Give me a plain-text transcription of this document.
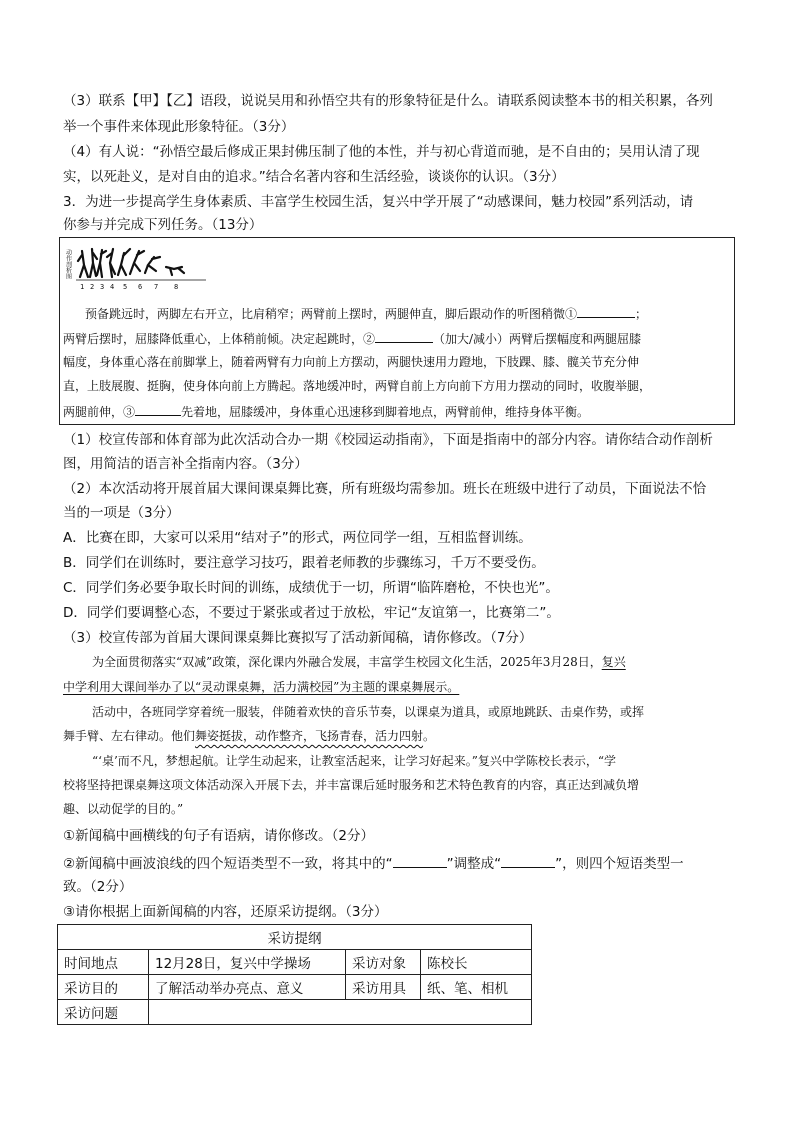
（3）联系【甲】【乙】语段，说说吴用和孙悟空共有的形象特征是什么。请联系阅读整本书的相关积累，各列
举一个事件来体现此形象特征。（3分）
（4）有人说：“孙悟空最后修成正果封佛压制了他的本性，并与初心背道而驰，是不自由的；吴用认清了现
实，以死赴义，是对自由的追求。”结合名著内容和生活经验，谈谈你的认识。（3分）
3．为进一步提高学生身体素质、丰富学生校园生活，复兴中学开展了“动感课间，魅力校园”系列活动，请
你参与并完成下列任务。（13分）
动作剖析图
1 2 3 4 5 6 7 8
预备跳远时，两脚左右开立，比肩稍窄；两臂前上摆时，两腿伸直，脚后跟动作的听图稍微①	；
两臂后摆时，屈膝降低重心，上体稍前倾。决定起跳时，②	（加大/减小）两臂后摆幅度和两腿屈膝
幅度，身体重心落在前脚掌上，随着两臂有力向前上方摆动，两腿快速用力蹬地，下肢踝、膝、髋关节充分伸
直，上肢展腹、挺胸，使身体向前上方腾起。落地缓冲时，两臂自前上方向前下方用力摆动的同时，收腹举腿，
两腿前伸，③	先着地，屈膝缓冲，身体重心迅速移到脚着地点，两臂前伸，维持身体平衡。
（1）校宣传部和体育部为此次活动合办一期《校园运动指南》，下面是指南中的部分内容。请你结合动作剖析
图，用简洁的语言补全指南内容。（3分）
（2）本次活动将开展首届大课间课桌舞比赛，所有班级均需参加。班长在班级中进行了动员，下面说法不恰
当的一项是（3分）
A．比赛在即，大家可以采用“结对子”的形式，两位同学一组，互相监督训练。
B．同学们在训练时，要注意学习技巧，跟着老师教的步骤练习，千万不要受伤。
C．同学们务必要争取长时间的训练，成绩优于一切，所谓“临阵磨枪，不快也光”。
D．同学们要调整心态，不要过于紧张或者过于放松，牢记“友谊第一，比赛第二”。
（3）校宣传部为首届大课间课桌舞比赛拟写了活动新闻稿，请你修改。（7分）
为全面贯彻落实“双减”政策，深化课内外融合发展，丰富学生校园文化生活，2025年3月28日，复兴
中学利用大课间举办了以“灵动课桌舞，活力满校园”为主题的课桌舞展示。
活动中，各班同学穿着统一服装，伴随着欢快的音乐节奏，以课桌为道具，或原地跳跃、击桌作势，或挥
舞手臂、左右律动。他们舞姿挺拔，动作整齐，飞扬青春，活力四射。
“‘桌’而不凡，梦想起航。让学生动起来，让教室活起来，让学习好起来。”复兴中学陈校长表示，“学
校将坚持把课桌舞这项文体活动深入开展下去，并丰富课后延时服务和艺术特色教育的内容，真正达到减负增
趣、以动促学的目的。”
①新闻稿中画横线的句子有语病，请你修改。（2分）
②新闻稿中画波浪线的四个短语类型不一致，将其中的“	”调整成“	”，则四个短语类型一
致。（2分）
③请你根据上面新闻稿的内容，还原采访提纲。（3分）
采访提纲			
时间地点	12月28日，复兴中学操场	采访对象	陈校长
采访目的	了解活动举办亮点、意义	采访用具	纸、笔、相机
采访问题			
